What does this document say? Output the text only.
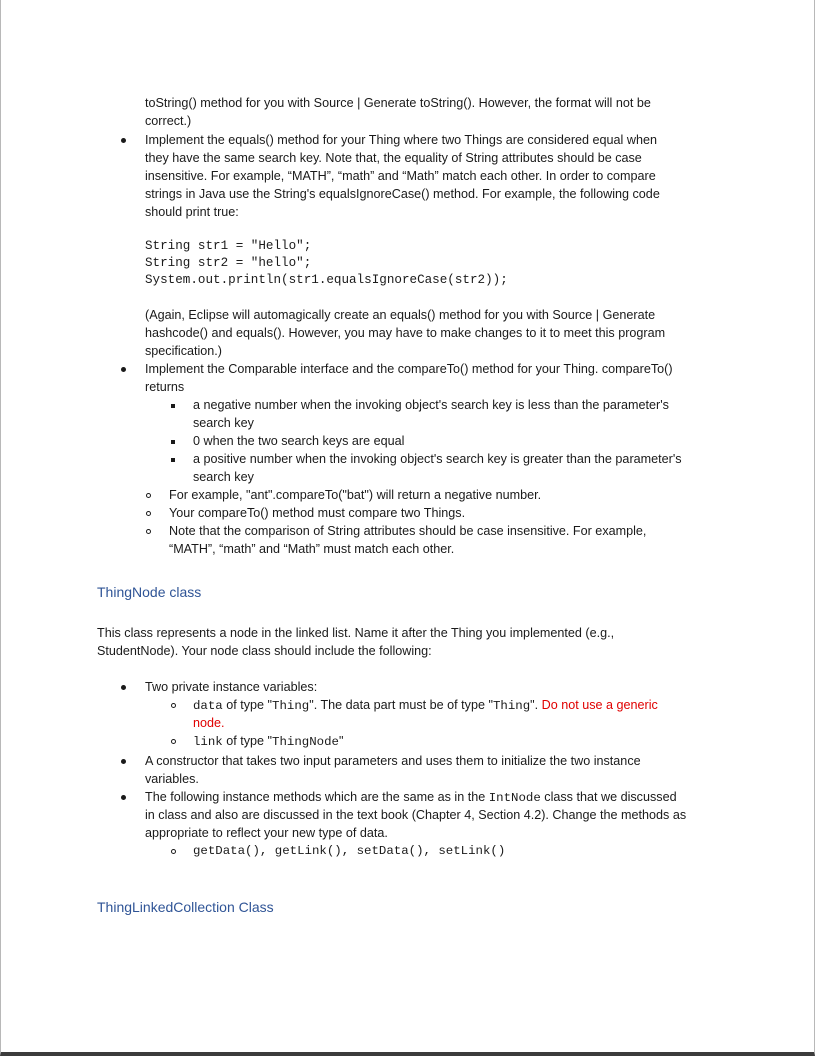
toString() method for you with Source | Generate toString(). However, the format will not be
correct.)
Implement the equals() method for your Thing where two Things are considered equal when
they have the same search key. Note that, the equality of String attributes should be case
insensitive. For example, “MATH”, “math” and “Math” match each other. In order to compare
strings in Java use the String's equalsIgnoreCase() method. For example, the following code
should print true:
String str1 = "Hello";
String str2 = "hello";
System.out.println(str1.equalsIgnoreCase(str2));
(Again, Eclipse will automagically create an equals() method for you with Source | Generate
hashcode() and equals(). However, you may have to make changes to it to meet this program
specification.)
Implement the Comparable interface and the compareTo() method for your Thing. compareTo()
returns
a negative number when the invoking object's search key is less than the parameter's
search key
0 when the two search keys are equal
a positive number when the invoking object's search key is greater than the parameter's
search key
For example, "ant".compareTo("bat") will return a negative number.
Your compareTo() method must compare two Things.
Note that the comparison of String attributes should be case insensitive. For example,
“MATH”, “math” and “Math” must match each other.
ThingNode class
This class represents a node in the linked list. Name it after the Thing you implemented (e.g.,
StudentNode). Your node class should include the following:
Two private instance variables:
data of type "Thing". The data part must be of type "Thing". Do not use a generic
node.
link of type "ThingNode"
A constructor that takes two input parameters and uses them to initialize the two instance
variables.
The following instance methods which are the same as in the IntNode class that we discussed
in class and also are discussed in the text book (Chapter 4, Section 4.2). Change the methods as
appropriate to reflect your new type of data.
getData(), getLink(), setData(), setLink()
ThingLinkedCollection Class
